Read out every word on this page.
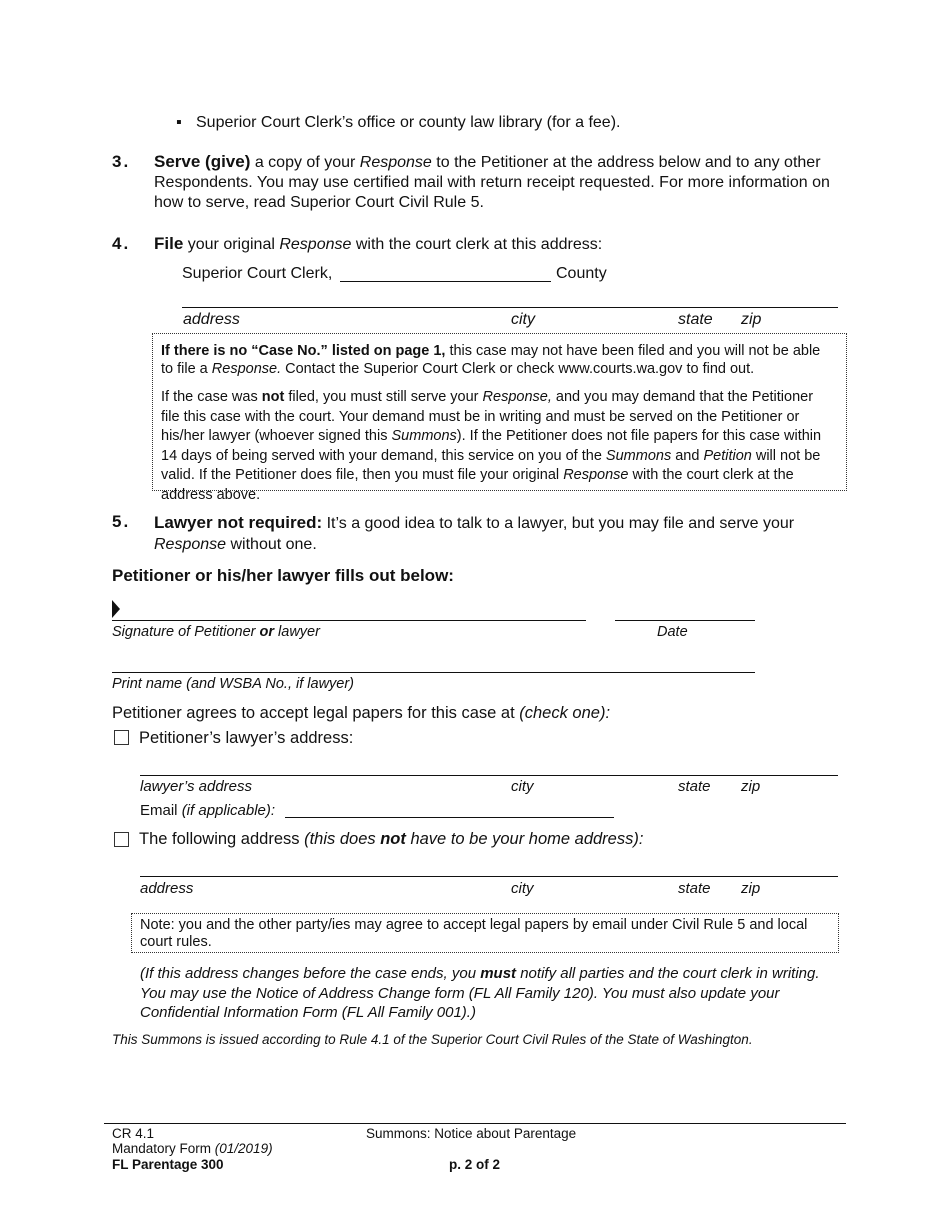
▪ Superior Court Clerk’s office or county law library (for a fee).
3. Serve (give) a copy of your Response to the Petitioner at the address below and to any other Respondents. You may use certified mail with return receipt requested. For more information on how to serve, read Superior Court Civil Rule 5.
4. File your original Response with the court clerk at this address:
Superior Court Clerk,	County
address	city	state zip
If there is no “Case No.” listed on page 1, this case may not have been filed and you will not be able to file a Response. Contact the Superior Court Clerk or check www.courts.wa.gov to find out.
If the case was not filed, you must still serve your Response, and you may demand that the Petitioner file this case with the court. Your demand must be in writing and must be served on the Petitioner or his/her lawyer (whoever signed this Summons). If the Petitioner does not file papers for this case within 14 days of being served with your demand, this service on you of the Summons and Petition will not be valid. If the Petitioner does file, then you must file your original Response with the court clerk at the address above.
5. Lawyer not required: It’s a good idea to talk to a lawyer, but you may file and serve your Response without one.
Petitioner or his/her lawyer fills out below:
Signature of Petitioner or lawyer	Date
Print name (and WSBA No., if lawyer)
Petitioner agrees to accept legal papers for this case at (check one):
Petitioner’s lawyer’s address:
lawyer’s address	city	state zip
Email (if applicable):
The following address (this does not have to be your home address):
address	city	state zip
Note: you and the other party/ies may agree to accept legal papers by email under Civil Rule 5 and local court rules.
(If this address changes before the case ends, you must notify all parties and the court clerk in writing. You may use the Notice of Address Change form (FL All Family 120). You must also update your Confidential Information Form (FL All Family 001).)
This Summons is issued according to Rule 4.1 of the Superior Court Civil Rules of the State of Washington.
CR 4.1
Mandatory Form (01/2019)
FL Parentage 300
Summons: Notice about Parentage
p. 2 of 2
